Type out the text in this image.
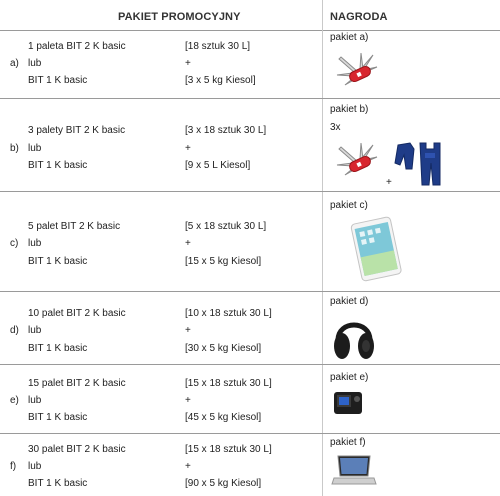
PAKIET PROMOCYJNY	NAGRODA
1 paleta BIT 2 K basic
a) lub
BIT 1 K basic
[18 sztuk 30 L]
+
[3 x 5 kg Kiesol]
pakiet a)
3 palety BIT 2 K basic
b) lub
BIT 1 K basic
[3 x 18 sztuk 30 L]
+
[9 x 5 L Kiesol]
pakiet b)
3x
+
5 palet BIT 2 K basic
c) lub
BIT 1 K basic
[5 x 18 sztuk 30 L]
+
[15 x 5 kg Kiesol]
pakiet c)
10 palet BIT 2 K basic
d) lub
BIT 1 K basic
[10 x 18 sztuk 30 L]
+
[30 x 5 kg Kiesol]
pakiet d)
15 palet BIT 2 K basic
e) lub
BIT 1 K basic
[15 x 18 sztuk 30 L]
+
[45 x 5 kg Kiesol]
pakiet e)
30 palet BIT 2 K basic
f) lub
BIT 1 K basic
[15 x 18 sztuk 30 L]
+
[90 x 5 kg Kiesol]
pakiet f)
